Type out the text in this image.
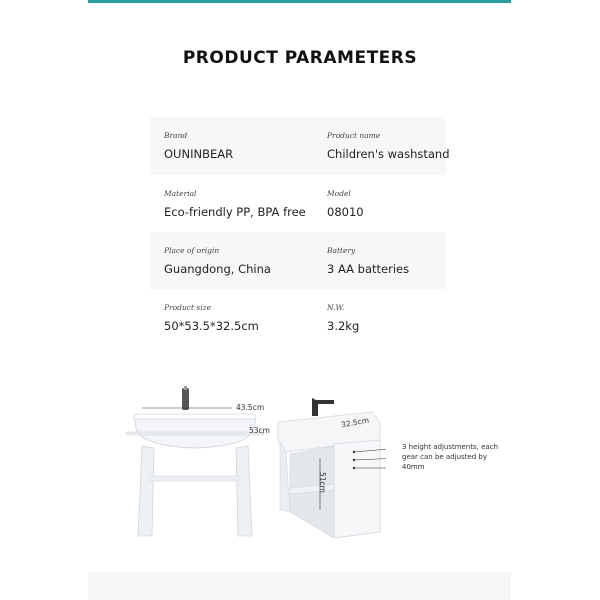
PRODUCT PARAMETERS
Brand
OUNINBEAR
Product name
Children's washstand
Material
Eco-friendly PP, BPA free
Model
08010
Place of origin
Guangdong, China
Battery
3 AA batteries
Product size
50*53.5*32.5cm
N.W.
3.2kg
43.5cm
53cm
32.5cm
51cm
3 height adjustments, each gear can be adjusted by 40mm
